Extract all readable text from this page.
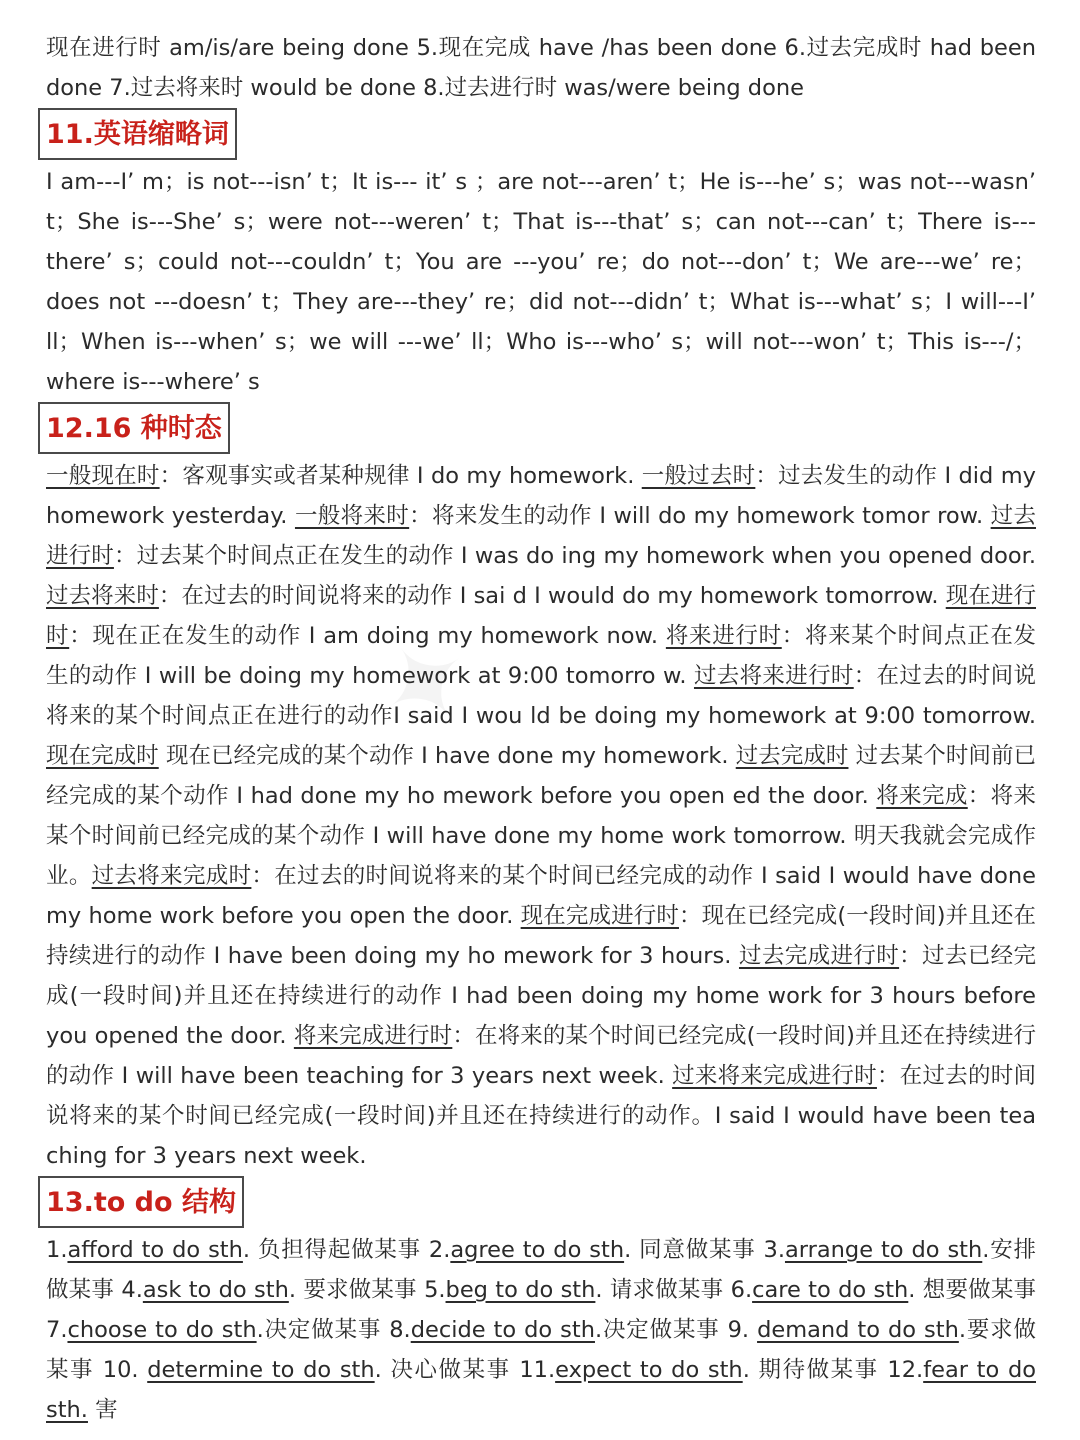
现在进行时 am/is/are being done 5.现在完成 have /has been done 6.过去完成时 had been done 7.过去将来时 would be done 8.过去进行时 was/were being done

11.英语缩略词

I am---I’ m；is not---isn’ t；It is--- it’ s ；are not---aren’ t；He is---he’ s；was not---wasn’ t；She is---She’ s；were not---weren’ t；That is---that’ s；can not---can’ t；There is---there’ s；could not---couldn’ t；You are ---you’ re；do not---don’ t；We are---we’ re；does not ---doesn’ t；They are---they’ re；did not---didn’ t；What is---what’ s；I will---I’ ll；When is---when’ s；we will ---we’ ll；Who is---who’ s；will not---won’ t；This is---/；where is---where’ s

12.16 种时态

一般现在时：客观事实或者某种规律 I do my homework. 一般过去时：过去发生的动作 I did my homework yesterday. 一般将来时：将来发生的动作 I will do my homework tomor row. 过去进行时：过去某个时间点正在发生的动作 I was do ing my homework when you opened door. 过去将来时：在过去的时间说将来的动作 I sai d I would do my homework tomorrow. 现在进行时：现在正在发生的动作 I am doing my homework now. 将来进行时：将来某个时间点正在发生的动作 I will be doing my homework at 9:00 tomorro w. 过去将来进行时：在过去的时间说将来的某个时间点正在进行的动作I said I wou ld be doing my homework at 9:00 tomorrow. 现在完成时 现在已经完成的某个动作 I have done my homework. 过去完成时 过去某个时间前已经完成的某个动作 I had done my ho mework before you open ed the door. 将来完成：将来某个时间前已经完成的某个动作 I will have done my home work tomorrow. 明天我就会完成作业。过去将来完成时：在过去的时间说将来的某个时间已经完成的动作 I said I would have done my home work before you open the door. 现在完成进行时：现在已经完成(一段时间)并且还在持续进行的动作 I have been doing my ho mework for 3 hours. 过去完成进行时：过去已经完成(一段时间)并且还在持续进行的动作 I had been doing my home work for 3 hours before you opened the door. 将来完成进行时：在将来的某个时间已经完成(一段时间)并且还在持续进行的动作 I will have been teaching for 3 years next week. 过来将来完成进行时：在过去的时间说将来的某个时间已经完成(一段时间)并且还在持续进行的动作。I said I would have been tea ching for 3 years next week.

13.to do 结构

1.afford to do sth. 负担得起做某事 2.agree to do sth. 同意做某事 3.arrange to do sth.安排做某事 4.ask to do sth. 要求做某事 5.beg to do sth. 请求做某事 6.care to do sth. 想要做某事 7.choose to do sth.决定做某事 8.decide to do sth.决定做某事 9. demand to do sth.要求做某事 10. determine to do sth. 决心做某事 11.expect to do sth. 期待做某事 12.fear to do sth. 害
